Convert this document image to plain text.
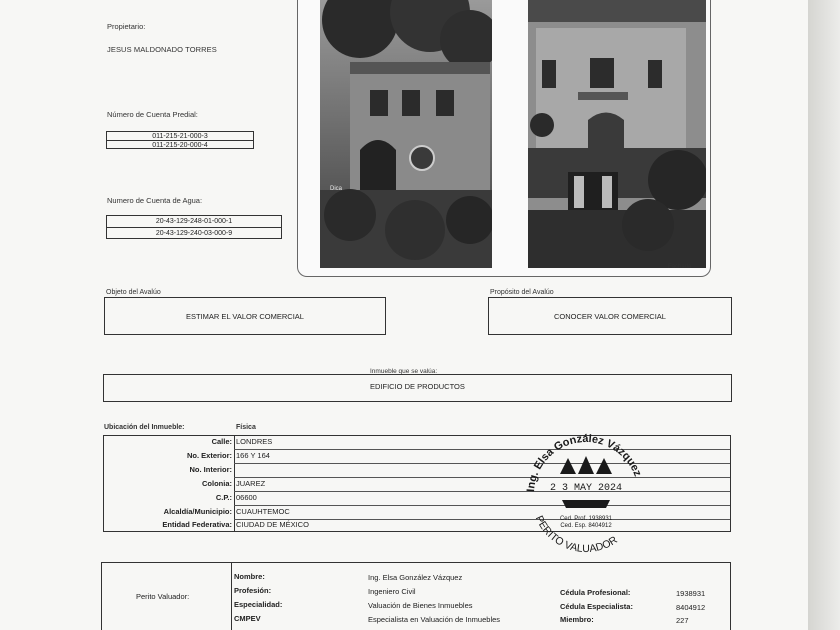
Propietario:
JESUS MALDONADO TORRES
Número de Cuenta Predial:
011-215-21-000-3
011-215-20-000-4
Numero de Cuenta de Agua:
20-43-129-248-01-000-1
20-43-129-240-03-000-9
Dica
Fachada
Objeto del Avalúo
ESTIMAR EL VALOR COMERCIAL
Propósito del Avalúo
CONOCER VALOR COMERCIAL
Inmueble que se valúa:
EDIFICIO DE PRODUCTOS
Ubicación del Inmueble:	Física
Calle: LONDRES
No. Exterior: 166 Y 164
No. Interior:
Colonia: JUAREZ
C.P.: 06600
Alcaldía/Municipio: CUAUHTEMOC
Entidad Federativa: CIUDAD DE MÉXICO
Ing. Elsa González Vázquez
2 3 MAY 2024
Ced. Prof. 1938931
Ced. Esp. 8404912
PERITO VALUADOR
Perito Valuador:
Nombre:	Ing. Elsa González Vázquez
Profesión:	Ingeniero Civil
Especialidad:	Valuación de Bienes Inmuebles
CMPEV	Especialista en Valuación de Inmuebles
Cédula Profesional:	1938931
Cédula Especialista:	8404912
Miembro:	227
